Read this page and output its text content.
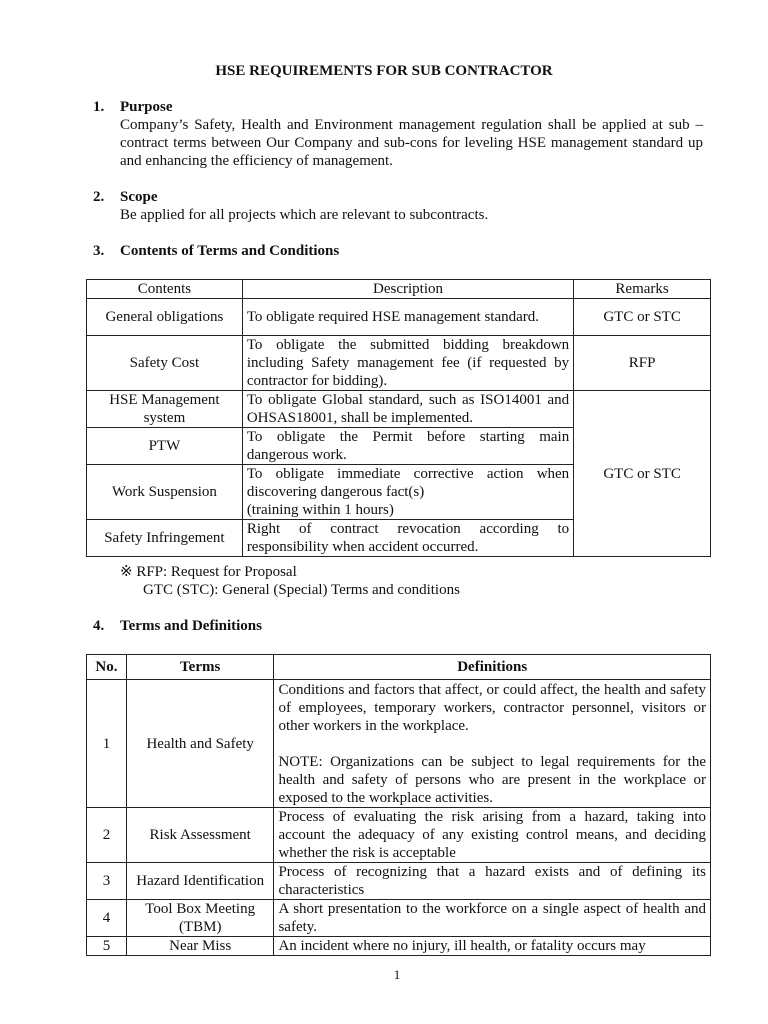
HSE REQUIREMENTS FOR SUB CONTRACTOR
1. Purpose
Company’s Safety, Health and Environment management regulation shall be applied at sub –contract terms between Our Company and sub-cons for leveling HSE management standard up and enhancing the efficiency of management.
2. Scope
Be applied for all projects which are relevant to subcontracts.
3. Contents of Terms and Conditions
Contents	Description	Remarks
General obligations	To obligate required HSE management standard.	GTC or STC
Safety Cost	To obligate the submitted bidding breakdown including Safety management fee (if requested by contractor for bidding).	RFP
HSE Management system	To obligate Global standard, such as ISO14001 and OHSAS18001, shall be implemented.	GTC or STC
PTW	To obligate the Permit before starting main dangerous work.	
Work Suspension	To obligate immediate corrective action when discovering dangerous fact(s)
(training within 1 hours)	

Safety Infringement	Right of contract revocation according to responsibility when accident occurred.	
※ RFP: Request for Proposal
GTC (STC): General (Special) Terms and conditions
4. Terms and Definitions
No.	Terms	Definitions
1	Health and Safety	Conditions and factors that affect, or could affect, the health and safety of employees, temporary workers, contractor personnel, visitors or other workers in the workplace.
NOTE: Organizations can be subject to legal requirements for the health and safety of persons who are present in the workplace or exposed to the workplace activities.

2	Risk Assessment	Process of evaluating the risk arising from a hazard, taking into account the adequacy of any existing control means, and deciding whether the risk is acceptable
3	Hazard Identification	Process of recognizing that a hazard exists and of defining its characteristics
4	Tool Box Meeting (TBM)	A short presentation to the workforce on a single aspect of health and safety.
5	Near Miss	An incident where no injury, ill health, or fatality occurs may
1
